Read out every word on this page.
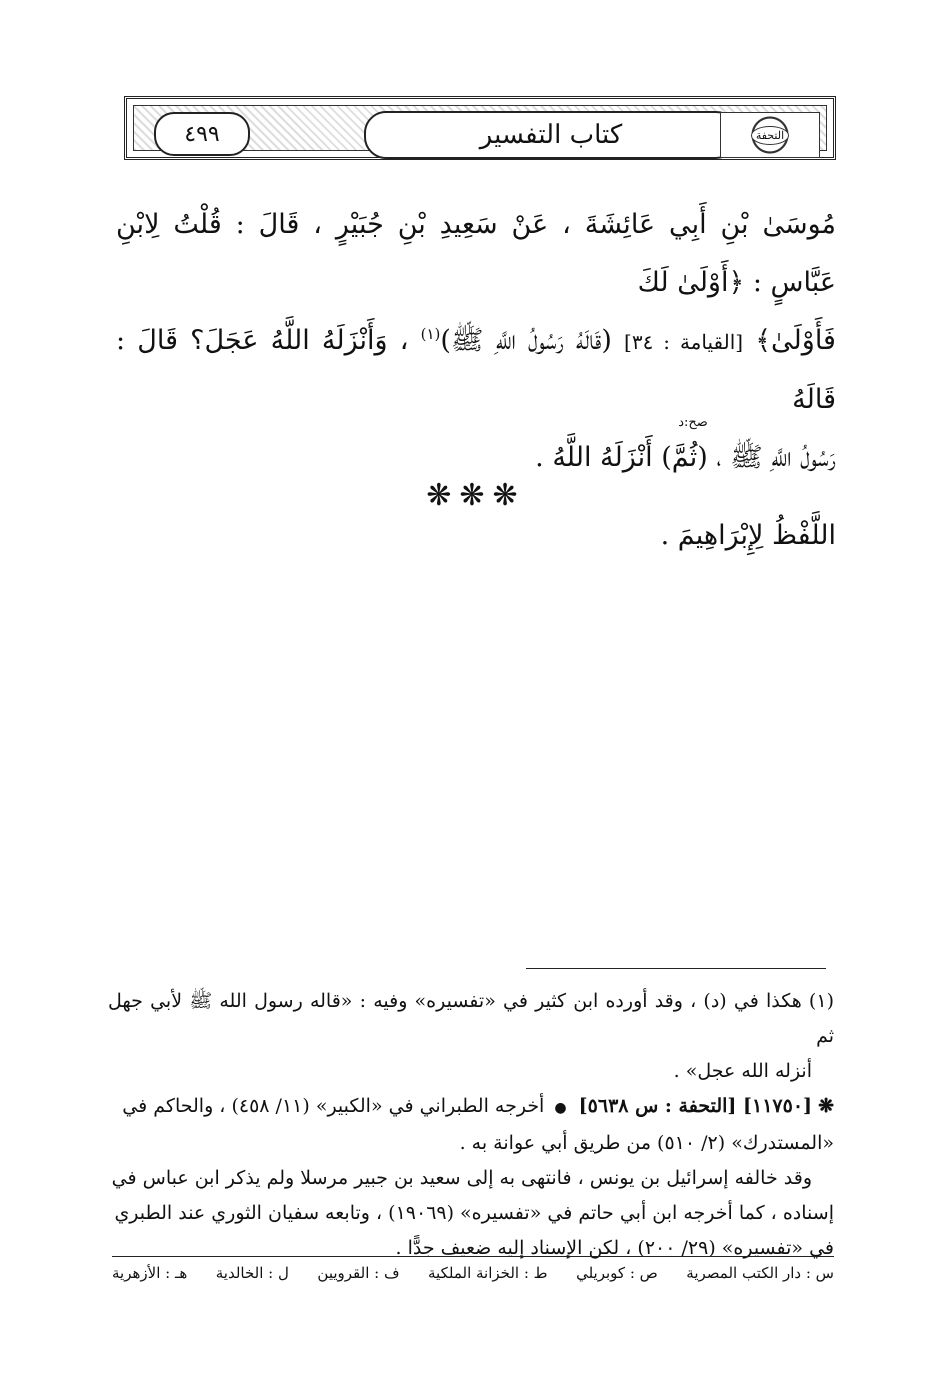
٤٩٩	كتاب التفسير	التحفة

مُوسَىٰ بْنِ أَبِي عَائِشَةَ ، عَنْ سَعِيدِ بْنِ جُبَيْرٍ ، قَالَ : قُلْتُ لِابْنِ عَبَّاسٍ : ﴿أَوْلَىٰ لَكَ

فَأَوْلَىٰ﴾ [القيامة : ٣٤] (قَالَهُ رَسُولُ اللَّهِ ﷺ)$^{(١)}$ ، وَأَنْزَلَهُ اللَّهُ عَجَلَ؟ قَالَ : قَالَهُ

رَسُولُ اللَّهِ ﷺ ،
صح:د
(ثُمَّ) أَنْزَلَهُ اللَّهُ .

اللَّفْظُ لِإِبْرَاهِيمَ .

❋❋❋

(١) هكذا في (د) ، وقد أورده ابن كثير في «تفسيره» وفيه : «قاله رسول الله ﷺ لأبي جهل ثم

أنزله الله عجل» .

❋ [١١٧٥٠] [التحفة : س ٥٦٣٨] ● أخرجه الطبراني في «الكبير» (١١/ ٤٥٨) ، والحاكم في

«المستدرك» (٢/ ٥١٠) من طريق أبي عوانة به .

وقد خالفه إسرائيل بن يونس ، فانتهى به إلى سعيد بن جبير مرسلا ولم يذكر ابن عباس في

إسناده ، كما أخرجه ابن أبي حاتم في «تفسيره» (١٩٠٦٩) ، وتابعه سفيان الثوري عند الطبري

في «تفسيره» (٢٩/ ٢٠٠) ، لكن الإسناد إليه ضعيف جدًّا .

س : دار الكتب المصرية
ص : كوبريلي
ط : الخزانة الملكية
ف : القرويين
ل : الخالدية
هـ : الأزهرية
